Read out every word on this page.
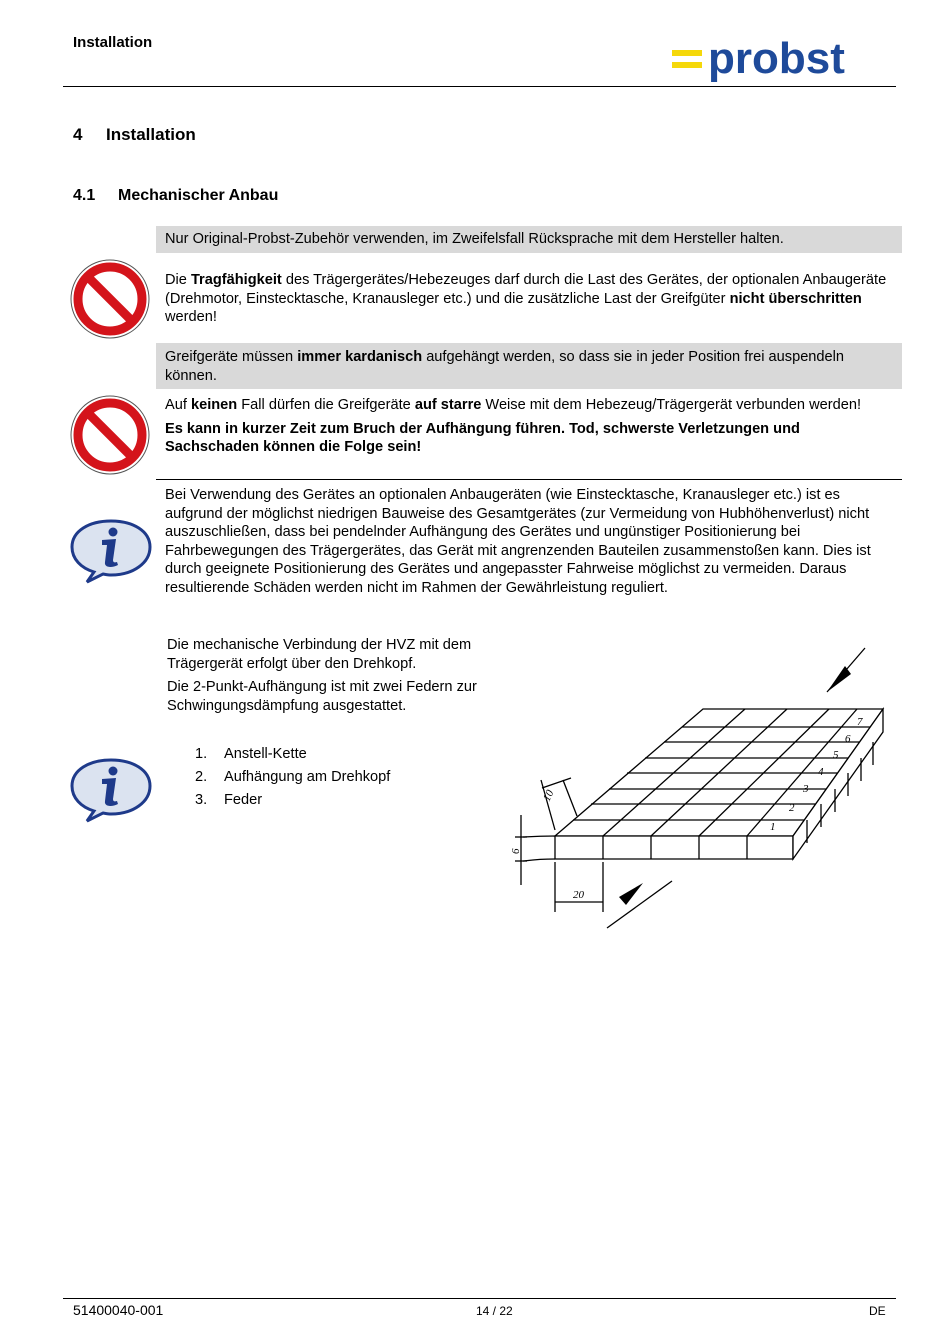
Installation	probst
4 Installation
4.1 Mechanischer Anbau
Nur Original-Probst-Zubehör verwenden, im Zweifelsfall Rücksprache mit dem Hersteller halten.
Die Tragfähigkeit des Trägergerätes/Hebezeuges darf durch die Last des Gerätes, der optionalen Anbaugeräte (Drehmotor, Einstecktasche, Kranausleger etc.) und die zusätzliche Last der Greifgüter nicht überschritten werden!
Greifgeräte müssen immer kardanisch aufgehängt werden, so dass sie in jeder Position frei auspendeln können.
Auf keinen Fall dürfen die Greifgeräte auf starre Weise mit dem Hebezeug/Trägergerät verbunden werden!
Es kann in kurzer Zeit zum Bruch der Aufhängung führen. Tod, schwerste Verletzungen und Sachschaden können die Folge sein!
Bei Verwendung des Gerätes an optionalen Anbaugeräten (wie Einstecktasche, Kranausleger etc.) ist es aufgrund der möglichst niedrigen Bauweise des Gesamtgerätes (zur Vermeidung von Hubhöhenverlust) nicht auszuschließen, dass bei pendelnder Aufhängung des Gerätes und ungünstiger Positionierung bei Fahrbewegungen des Trägergerätes, das Gerät mit angrenzenden Bauteilen zusammenstoßen kann. Dies ist durch geeignete Positionierung des Gerätes und angepasster Fahrweise möglichst zu vermeiden. Daraus resultierende Schäden werden nicht im Rahmen der Gewährleistung reguliert.
Die mechanische Verbindung der HVZ mit dem Trägergerät erfolgt über den Drehkopf.
Die 2-Punkt-Aufhängung ist mit zwei Federn zur Schwingungsdämpfung ausgestattet.
1. Anstell-Kette
2. Aufhängung am Drehkopf
3. Feder
1
2
3
4
5
6
7
10
6
20
51400040-001	14 / 22	DE
